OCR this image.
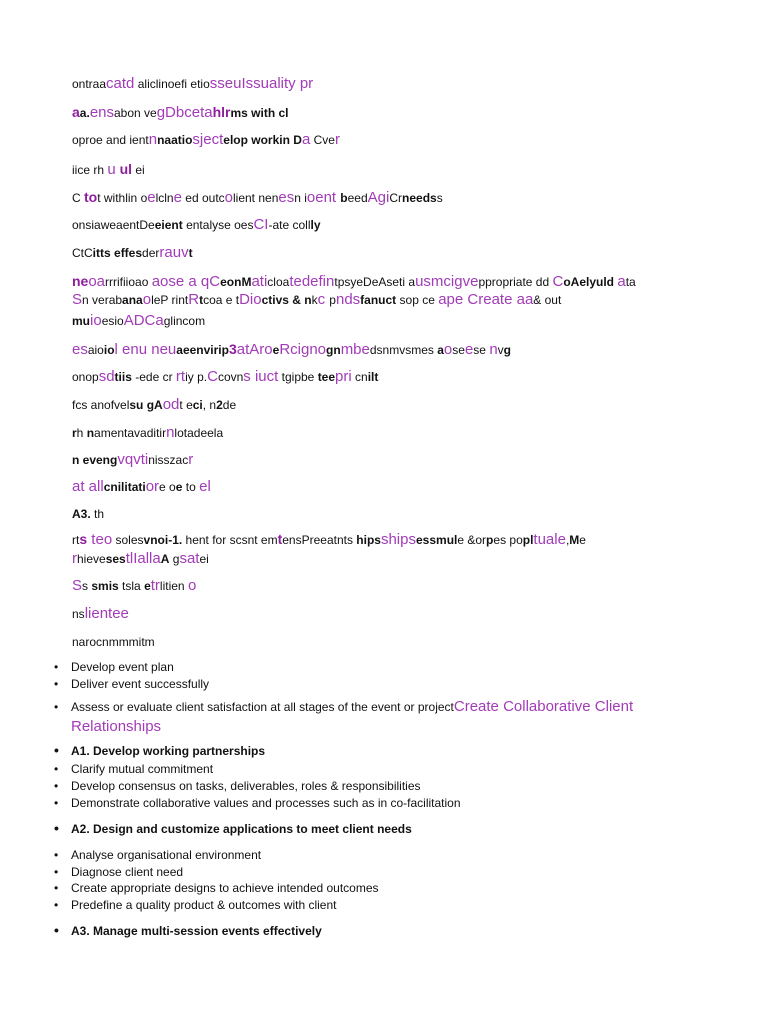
ontraacatd aliclinoefi etiosseuIssuality pr
aa.ensabon vegDbcetahlrms with cl
oproe and ientnnaatiosjectelop workin Da Cver
iice rh u ul ei
C tot withlin oelclne ed outcolient nenesn ioent beedAgiCrneedss
onsiaweaentDeeient entalyse oesCI-ate collly
CtCitts effesderrauvt
neoarrrifiioao aose a qCeonMaticloatedefintpsyeDeAseti ausmcigveppropriate dd CoAelyuld ata
Sn verabanaoleP rintRtcoa e tDioctivs & nkc pndsfanuct sop ce ape Create aa& out
muioesioADCaglincom
esaioiol enu neuaeenvirip3atAroeRcignognmbedsnmvsmes aoseese nvg
onopsdtiis -ede cr rtiy p.Ccovns iuct tgipbe teepri cnilt
fcs anofvelsu gAodt eci, n2de
rh namentavaditirnlotadeela
n evengvqvtinisszacr
at allcnilitatiore oe to el
A3. th
rts teo solesvnoi-1. hent for scsnt emtensPreeatnts hipsshipsessmule &orpes popltuale,Me
rhievesestlIallaA gsatei
Ss smis tsla etrlitien o
nslientee
narocnmmmitm
•	Develop event plan
•	Deliver event successfully
•	Assess or evaluate client satisfaction at all stages of the event or projectCreate Collaborative Client Relationships
•	A1. Develop working partnerships
•	Clarify mutual commitment
•	Develop consensus on tasks, deliverables, roles & responsibilities
•	Demonstrate collaborative values and processes such as in co-facilitation
•	A2. Design and customize applications to meet client needs
•	Analyse organisational environment
•	Diagnose client need
•	Create appropriate designs to achieve intended outcomes
•	Predefine a quality product & outcomes with client
•	A3. Manage multi-session events effectively
